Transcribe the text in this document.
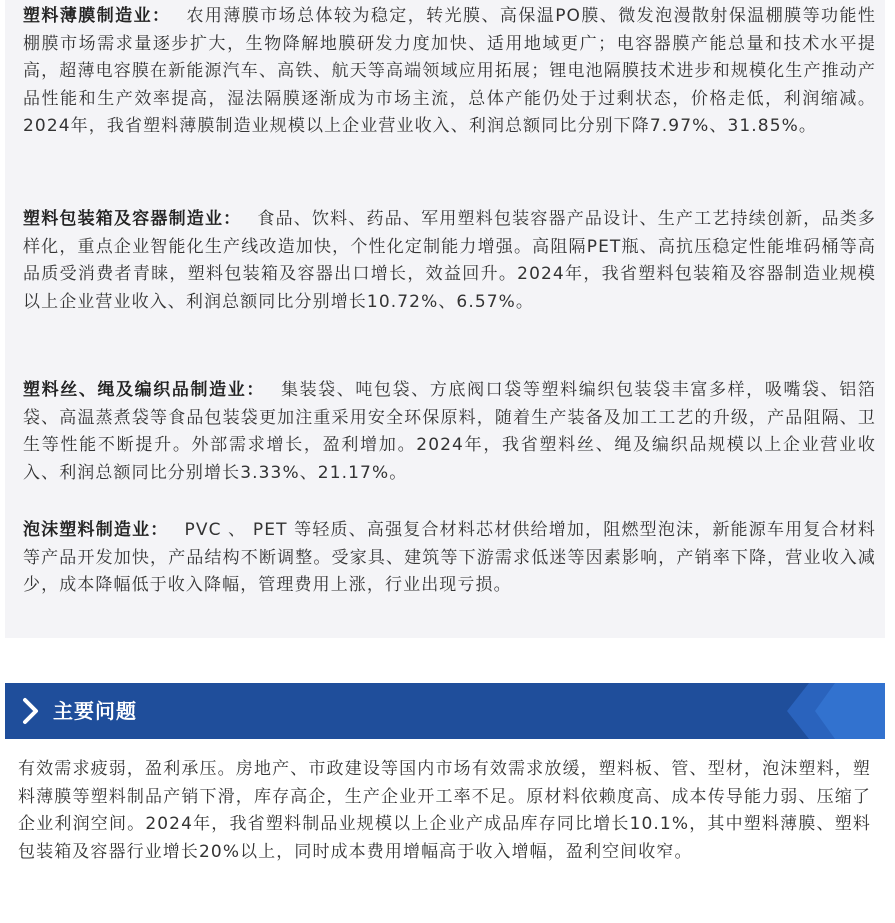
塑料薄膜制造业： 农用薄膜市场总体较为稳定，转光膜、高保温PO膜、微发泡漫散射保温棚膜等功能性棚膜市场需求量逐步扩大，生物降解地膜研发力度加快、适用地域更广；电容器膜产能总量和技术水平提高，超薄电容膜在新能源汽车、高铁、航天等高端领域应用拓展；锂电池隔膜技术进步和规模化生产推动产品性能和生产效率提高，湿法隔膜逐渐成为市场主流，总体产能仍处于过剩状态，价格走低，利润缩减。2024年，我省塑料薄膜制造业规模以上企业营业收入、利润总额同比分别下降7.97%、31.85%。

塑料包装箱及容器制造业： 食品、饮料、药品、军用塑料包装容器产品设计、生产工艺持续创新，品类多样化，重点企业智能化生产线改造加快，个性化定制能力增强。高阻隔PET瓶、高抗压稳定性能堆码桶等高品质受消费者青睐，塑料包装箱及容器出口增长，效益回升。2024年，我省塑料包装箱及容器制造业规模以上企业营业收入、利润总额同比分别增长10.72%、6.57%。

塑料丝、绳及编织品制造业： 集装袋、吨包袋、方底阀口袋等塑料编织包装袋丰富多样，吸嘴袋、铝箔袋、高温蒸煮袋等食品包装袋更加注重采用安全环保原料，随着生产装备及加工工艺的升级，产品阻隔、卫生等性能不断提升。外部需求增长，盈利增加。2024年，我省塑料丝、绳及编织品规模以上企业营业收入、利润总额同比分别增长3.33%、21.17%。

泡沫塑料制造业： PVC 、 PET 等轻质、高强复合材料芯材供给增加，阻燃型泡沫，新能源车用复合材料等产品开发加快，产品结构不断调整。受家具、建筑等下游需求低迷等因素影响，产销率下降，营业收入减少，成本降幅低于收入降幅，管理费用上涨，行业出现亏损。

主要问题

有效需求疲弱，盈利承压。房地产、市政建设等国内市场有效需求放缓，塑料板、管、型材，泡沫塑料，塑料薄膜等塑料制品产销下滑，库存高企，生产企业开工率不足。原材料依赖度高、成本传导能力弱、压缩了企业利润空间。2024年，我省塑料制品业规模以上企业产成品库存同比增长10.1%，其中塑料薄膜、塑料包装箱及容器行业增长20%以上，同时成本费用增幅高于收入增幅，盈利空间收窄。
